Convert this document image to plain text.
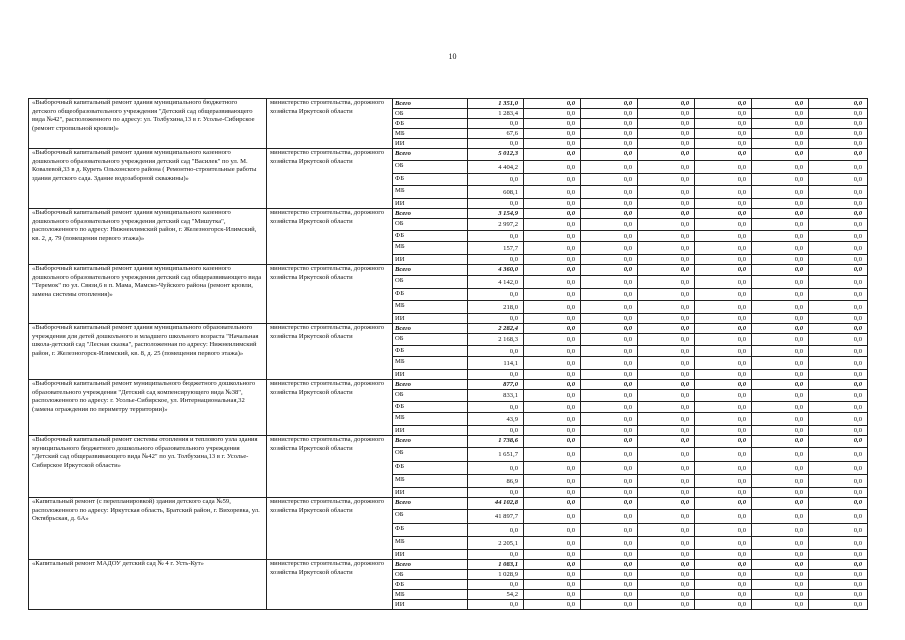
10
«Выборочный капитальный ремонт здания муниципального бюджетного детского общеобразовательного учреждения "Детский сад общеразвивающего вида №42", расположенного по адресу: ул. Толбухина,13 в г. Усолье-Сибирское (ремонт стропильной кровли)»	министерство строительства, дорожного хозяйства Иркутской области	Всего	1 351,0	0,0	0,0	0,0	0,0	0,0	0,0
		ОБ	1 283,4	0,0	0,0	0,0	0,0	0,0	0,0
		ФБ	0,0	0,0	0,0	0,0	0,0	0,0	0,0
		МБ	67,6	0,0	0,0	0,0	0,0	0,0	0,0
		ИИ	0,0	0,0	0,0	0,0	0,0	0,0	0,0
«Выборочный капитальный ремонт здания муниципального казенного дошкольного образовательного учреждения детский сад "Василек" по ул. М. Ковалевой,33 в д. Куреть Ольхонского района ( Ремонтно-строительные работы здания детского сада. Здание водозаборной скважины)»	министерство строительства, дорожного хозяйства Иркутской области	Всего	5 012,3	0,0	0,0	0,0	0,0	0,0	0,0
		ОБ	4 404,2	0,0	0,0	0,0	0,0	0,0	0,0
		ФБ	0,0	0,0	0,0	0,0	0,0	0,0	0,0
		МБ	608,1	0,0	0,0	0,0	0,0	0,0	0,0
		ИИ	0,0	0,0	0,0	0,0	0,0	0,0	0,0
«Выборочный капитальный ремонт здания муниципального казенного дошкольного образовательного учреждения детский сад "Мишутка", расположенного по адресу: Нижнеилимский район, г. Железногорск-Илимский, кв. 2, д. 79 (помещения первого этажа)»	министерство строительства, дорожного хозяйства Иркутской области	Всего	3 154,9	0,0	0,0	0,0	0,0	0,0	0,0
		ОБ	2 997,2	0,0	0,0	0,0	0,0	0,0	0,0
		ФБ	0,0	0,0	0,0	0,0	0,0	0,0	0,0
		МБ	157,7	0,0	0,0	0,0	0,0	0,0	0,0
		ИИ	0,0	0,0	0,0	0,0	0,0	0,0	0,0
«Выборочный капитальный ремонт здания муниципального казенного дошкольного образовательного учреждения детский сад общеразвивающего вида "Теремок" по ул. Связи,6 в п. Мама, Мамско-Чуйского района (ремонт кровли, замена системы отопления)»	министерство строительства, дорожного хозяйства Иркутской области	Всего	4 360,0	0,0	0,0	0,0	0,0	0,0	0,0
		ОБ	4 142,0	0,0	0,0	0,0	0,0	0,0	0,0
		ФБ	0,0	0,0	0,0	0,0	0,0	0,0	0,0
		МБ	218,0	0,0	0,0	0,0	0,0	0,0	0,0
		ИИ	0,0	0,0	0,0	0,0	0,0	0,0	0,0
«Выборочный капитальный ремонт здания муниципального образовательного учреждения для детей дошкольного и младшего школьного возраста "Начальная школа-детский сад "Лесная сказка", расположенная по адресу: Нижнеилимский район, г. Железногорск-Илимский, кв. 8, д. 25 (помещения первого этажа)»	министерство строительства, дорожного хозяйства Иркутской области	Всего	2 282,4	0,0	0,0	0,0	0,0	0,0	0,0
		ОБ	2 168,3	0,0	0,0	0,0	0,0	0,0	0,0
		ФБ	0,0	0,0	0,0	0,0	0,0	0,0	0,0
		МБ	114,1	0,0	0,0	0,0	0,0	0,0	0,0
		ИИ	0,0	0,0	0,0	0,0	0,0	0,0	0,0
«Выборочный капитальный ремонт муниципального бюджетного дошкольного образовательного учреждения "Детский сад компенсирующего вида №38", расположенного по адресу: г. Усолье-Сибирское, ул. Интернациональная,32 (замена ограждения по периметру территории)»	министерство строительства, дорожного хозяйства Иркутской области	Всего	877,0	0,0	0,0	0,0	0,0	0,0	0,0
		ОБ	833,1	0,0	0,0	0,0	0,0	0,0	0,0
		ФБ	0,0	0,0	0,0	0,0	0,0	0,0	0,0
		МБ	43,9	0,0	0,0	0,0	0,0	0,0	0,0
		ИИ	0,0	0,0	0,0	0,0	0,0	0,0	0,0
«Выборочный капитальный ремонт системы отопления и теплового узла здания муниципального бюджетного дошкольного образовательного учреждения "Детский сад общеразвивающего вида №42" по ул. Толбухина,13 в г. Усолье-Сибирское Иркутской области»	министерство строительства, дорожного хозяйства Иркутской области	Всего	1 738,6	0,0	0,0	0,0	0,0	0,0	0,0
		ОБ	1 651,7	0,0	0,0	0,0	0,0	0,0	0,0
		ФБ	0,0	0,0	0,0	0,0	0,0	0,0	0,0
		МБ	86,9	0,0	0,0	0,0	0,0	0,0	0,0
		ИИ	0,0	0,0	0,0	0,0	0,0	0,0	0,0
«Капитальный ремонт (с перепланировкой) здания детского сада №59, расположенного по адресу: Иркутская область, Братский район, г. Вихоревка, ул. Октябрьская, д. 6А»	министерство строительства, дорожного хозяйства Иркутской области	Всего	44 102,8	0,0	0,0	0,0	0,0	0,0	0,0
		ОБ	41 897,7	0,0	0,0	0,0	0,0	0,0	0,0
		ФБ	0,0	0,0	0,0	0,0	0,0	0,0	0,0
		МБ	2 205,1	0,0	0,0	0,0	0,0	0,0	0,0
		ИИ	0,0	0,0	0,0	0,0	0,0	0,0	0,0
«Капитальный ремонт МАДОУ детский сад № 4 г. Усть-Кут»	министерство строительства, дорожного хозяйства Иркутской области	Всего	1 083,1	0,0	0,0	0,0	0,0	0,0	0,0
		ОБ	1 028,9	0,0	0,0	0,0	0,0	0,0	0,0
		ФБ	0,0	0,0	0,0	0,0	0,0	0,0	0,0
		МБ	54,2	0,0	0,0	0,0	0,0	0,0	0,0
		ИИ	0,0	0,0	0,0	0,0	0,0	0,0	0,0
